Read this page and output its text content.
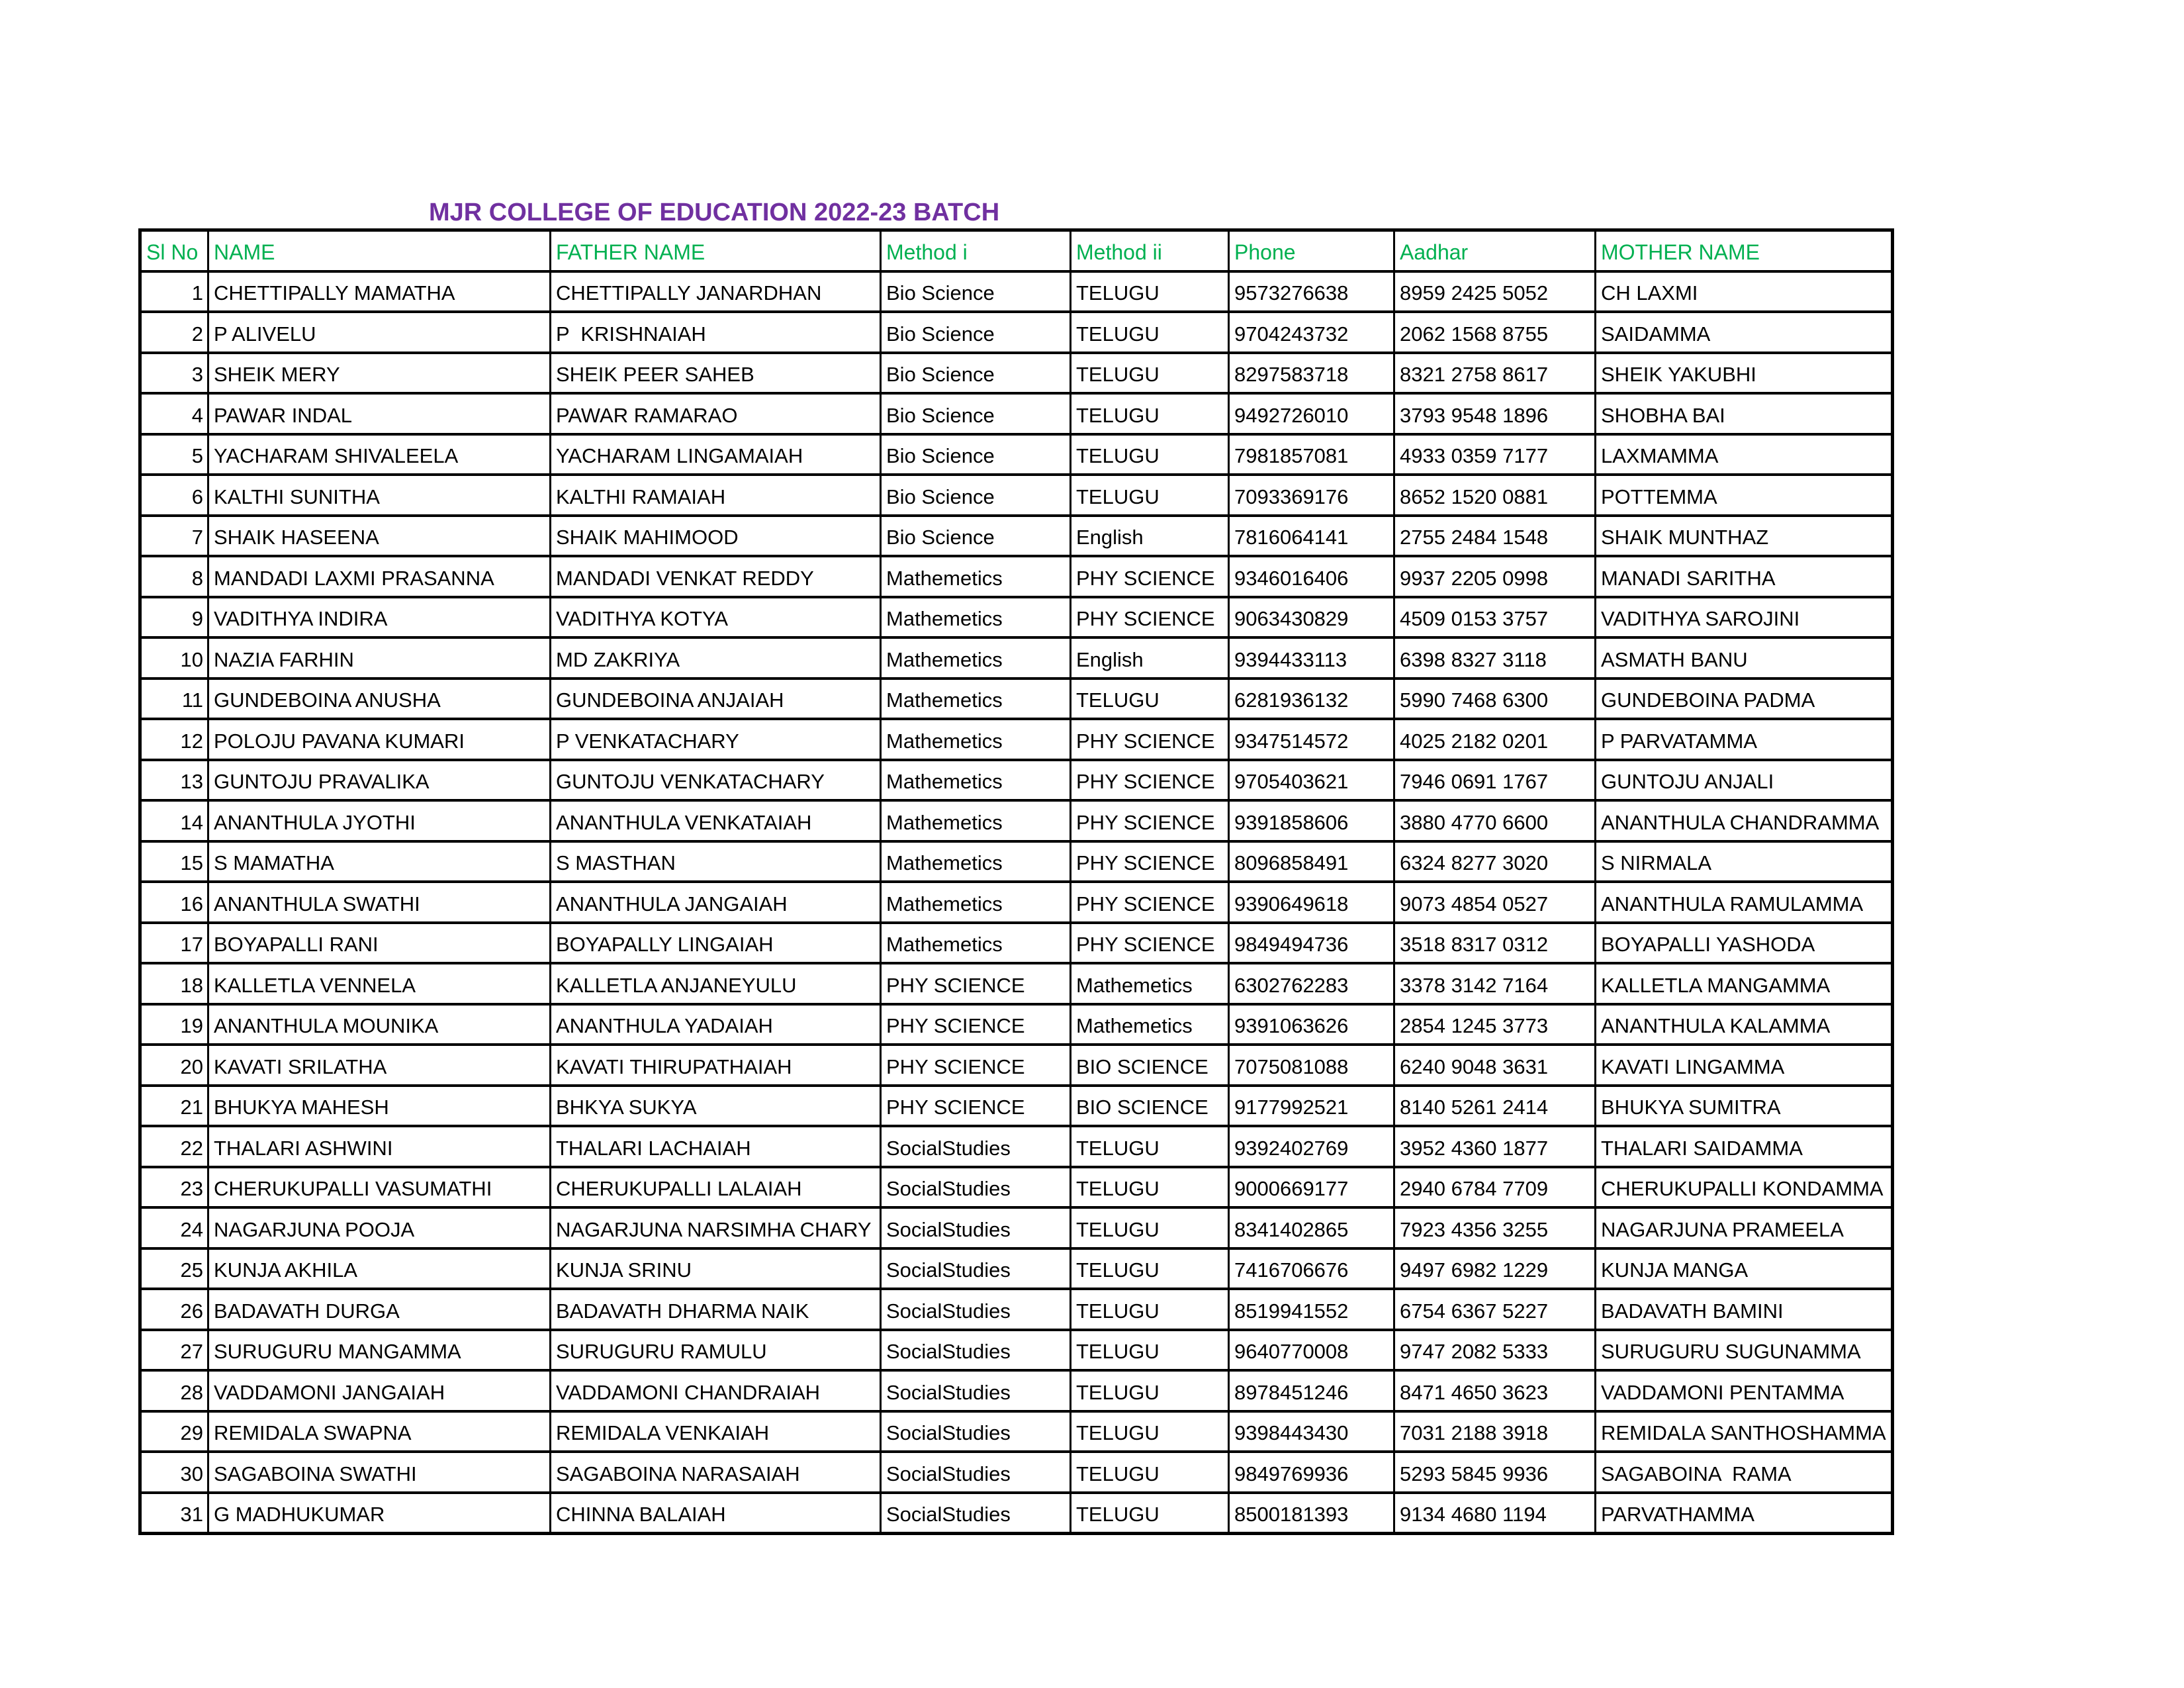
MJR COLLEGE OF EDUCATION 2022-23 BATCH
Sl No	NAME	FATHER NAME	Method i	Method ii	Phone	Aadhar	MOTHER NAME
1	CHETTIPALLY MAMATHA	CHETTIPALLY JANARDHAN	Bio Science	TELUGU	9573276638	8959 2425 5052	CH LAXMI
2	P ALIVELU	P  KRISHNAIAH	Bio Science	TELUGU	9704243732	2062 1568 8755	SAIDAMMA
3	SHEIK MERY	SHEIK PEER SAHEB	Bio Science	TELUGU	8297583718	8321 2758 8617	SHEIK YAKUBHI
4	PAWAR INDAL	PAWAR RAMARAO	Bio Science	TELUGU	9492726010	3793 9548 1896	SHOBHA BAI
5	YACHARAM SHIVALEELA	YACHARAM LINGAMAIAH	Bio Science	TELUGU	7981857081	4933 0359 7177	LAXMAMMA
6	KALTHI SUNITHA	KALTHI RAMAIAH	Bio Science	TELUGU	7093369176	8652 1520 0881	POTTEMMA
7	SHAIK HASEENA	SHAIK MAHIMOOD	Bio Science	English	7816064141	2755 2484 1548	SHAIK MUNTHAZ
8	MANDADI LAXMI PRASANNA	MANDADI VENKAT REDDY	Mathemetics	PHY SCIENCE	9346016406	9937 2205 0998	MANADI SARITHA
9	VADITHYA INDIRA	VADITHYA KOTYA	Mathemetics	PHY SCIENCE	9063430829	4509 0153 3757	VADITHYA SAROJINI
10	NAZIA FARHIN	MD ZAKRIYA	Mathemetics	English	9394433113	6398 8327 3118	ASMATH BANU
11	GUNDEBOINA ANUSHA	GUNDEBOINA ANJAIAH	Mathemetics	TELUGU	6281936132	5990 7468 6300	GUNDEBOINA PADMA
12	POLOJU PAVANA KUMARI	P VENKATACHARY	Mathemetics	PHY SCIENCE	9347514572	4025 2182 0201	P PARVATAMMA
13	GUNTOJU PRAVALIKA	GUNTOJU VENKATACHARY	Mathemetics	PHY SCIENCE	9705403621	7946 0691 1767	GUNTOJU ANJALI
14	ANANTHULA JYOTHI	ANANTHULA VENKATAIAH	Mathemetics	PHY SCIENCE	9391858606	3880 4770 6600	ANANTHULA CHANDRAMMA
15	S MAMATHA	S MASTHAN	Mathemetics	PHY SCIENCE	8096858491	6324 8277 3020	S NIRMALA
16	ANANTHULA SWATHI	ANANTHULA JANGAIAH	Mathemetics	PHY SCIENCE	9390649618	9073 4854 0527	ANANTHULA RAMULAMMA
17	BOYAPALLI RANI	BOYAPALLY LINGAIAH	Mathemetics	PHY SCIENCE	9849494736	3518 8317 0312	BOYAPALLI YASHODA
18	KALLETLA VENNELA	KALLETLA ANJANEYULU	PHY SCIENCE	Mathemetics	6302762283	3378 3142 7164	KALLETLA MANGAMMA
19	ANANTHULA MOUNIKA	ANANTHULA YADAIAH	PHY SCIENCE	Mathemetics	9391063626	2854 1245 3773	ANANTHULA KALAMMA
20	KAVATI SRILATHA	KAVATI THIRUPATHAIAH	PHY SCIENCE	BIO SCIENCE	7075081088	6240 9048 3631	KAVATI LINGAMMA
21	BHUKYA MAHESH	BHKYA SUKYA	PHY SCIENCE	BIO SCIENCE	9177992521	8140 5261 2414	BHUKYA SUMITRA
22	THALARI ASHWINI	THALARI LACHAIAH	SocialStudies	TELUGU	9392402769	3952 4360 1877	THALARI SAIDAMMA
23	CHERUKUPALLI VASUMATHI	CHERUKUPALLI LALAIAH	SocialStudies	TELUGU	9000669177	2940 6784 7709	CHERUKUPALLI KONDAMMA
24	NAGARJUNA POOJA	NAGARJUNA NARSIMHA CHARY	SocialStudies	TELUGU	8341402865	7923 4356 3255	NAGARJUNA PRAMEELA
25	KUNJA AKHILA	KUNJA SRINU	SocialStudies	TELUGU	7416706676	9497 6982 1229	KUNJA MANGA
26	BADAVATH DURGA	BADAVATH DHARMA NAIK	SocialStudies	TELUGU	8519941552	6754 6367 5227	BADAVATH BAMINI
27	SURUGURU MANGAMMA	SURUGURU RAMULU	SocialStudies	TELUGU	9640770008	9747 2082 5333	SURUGURU SUGUNAMMA
28	VADDAMONI JANGAIAH	VADDAMONI CHANDRAIAH	SocialStudies	TELUGU	8978451246	8471 4650 3623	VADDAMONI PENTAMMA
29	REMIDALA SWAPNA	REMIDALA VENKAIAH	SocialStudies	TELUGU	9398443430	7031 2188 3918	REMIDALA SANTHOSHAMMA
30	SAGABOINA SWATHI	SAGABOINA NARASAIAH	SocialStudies	TELUGU	9849769936	5293 5845 9936	SAGABOINA  RAMA
31	G MADHUKUMAR	CHINNA BALAIAH	SocialStudies	TELUGU	8500181393	9134 4680 1194	PARVATHAMMA
